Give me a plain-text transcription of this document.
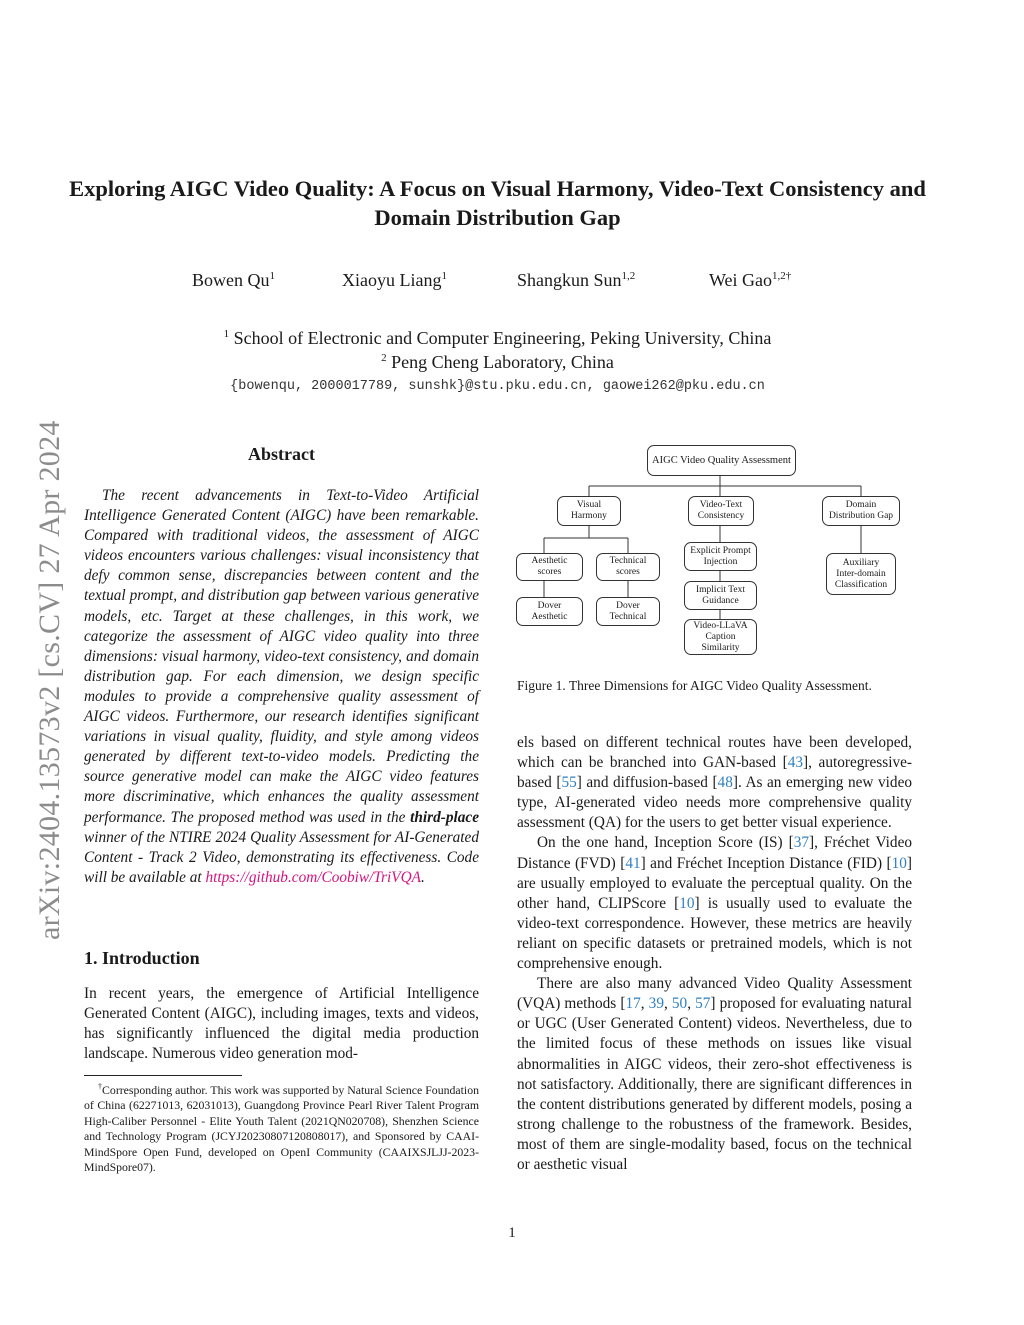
arXiv:2404.13573v2 [cs.CV] 27 Apr 2024
Exploring AIGC Video Quality: A Focus on Visual Harmony, Video-Text Consistency and Domain Distribution Gap
Bowen Qu$^1$	Xiaoyu Liang$^1$	Shangkun Sun$^{1,2}$	Wei Gao$^{1,2\dagger}$
$^1$ School of Electronic and Computer Engineering, Peking University, China
$^2$ Peng Cheng Laboratory, China
{bowenqu, 2000017789, sunshk}@stu.pku.edu.cn, gaowei262@pku.edu.cn
Abstract
The recent advancements in Text-to-Video Artificial Intelligence Generated Content (AIGC) have been remarkable. Compared with traditional videos, the assessment of AIGC videos encounters various challenges: visual inconsistency that defy common sense, discrepancies between content and the textual prompt, and distribution gap between various generative models, etc. Target at these challenges, in this work, we categorize the assessment of AIGC video quality into three dimensions: visual harmony, video-text consistency, and domain distribution gap. For each dimension, we design specific modules to provide a comprehensive quality assessment of AIGC videos. Furthermore, our research identifies significant variations in visual quality, fluidity, and style among videos generated by different text-to-video models. Predicting the source generative model can make the AIGC video features more discriminative, which enhances the quality assessment performance. The proposed method was used in the third-place winner of the NTIRE 2024 Quality Assessment for AI-Generated Content - Track 2 Video, demonstrating its effectiveness. Code will be available at https://github.com/Coobiw/TriVQA.
1. Introduction

In recent years, the emergence of Artificial Intelligence Generated Content (AIGC), including images, texts and videos, has significantly influenced the digital media production landscape. Numerous video generation mod-

†Corresponding author. This work was supported by Natural Science Foundation of China (62271013, 62031013), Guangdong Province Pearl River Talent Program High-Caliber Personnel - Elite Youth Talent (2021QN020708), Shenzhen Science and Technology Program (JCYJ20230807120808017), and Sponsored by CAAI-MindSpore Open Fund, developed on OpenI Community (CAAIXSJLJJ-2023-MindSpore07).

AIGC Video Quality Assessment
Visual
Harmony
Video-Text
Consistency
Domain
Distribution Gap
Aesthetic
scores
Technical
scores
Dover
Aesthetic
Dover
Technical
Explicit Prompt
Injection
Implicit Text
Guidance
Video-LLaVA
Caption
Similarity
Auxiliary
Inter-domain
Classification
Figure 1. Three Dimensions for AIGC Video Quality Assessment.

els based on different technical routes have been developed, which can be branched into GAN-based [43], autoregressive-based [55] and diffusion-based [48]. As an emerging new video type, AI-generated video needs more comprehensive quality assessment (QA) for the users to get better visual experience.

On the one hand, Inception Score (IS) [37], Fréchet Video Distance (FVD) [41] and Fréchet Inception Distance (FID) [10] are usually employed to evaluate the perceptual quality. On the other hand, CLIPScore [10] is usually used to evaluate the video-text correspondence. However, these metrics are heavily reliant on specific datasets or pretrained models, which is not comprehensive enough.

There are also many advanced Video Quality Assessment (VQA) methods [17, 39, 50, 57] proposed for evaluating natural or UGC (User Generated Content) videos. Nevertheless, due to the limited focus of these methods on issues like visual abnormalities in AIGC videos, their zero-shot effectiveness is not satisfactory. Additionally, there are significant differences in the content distributions generated by different models, posing a strong challenge to the robustness of the framework. Besides, most of them are single-modality based, focus on the technical or aesthetic visual

1
